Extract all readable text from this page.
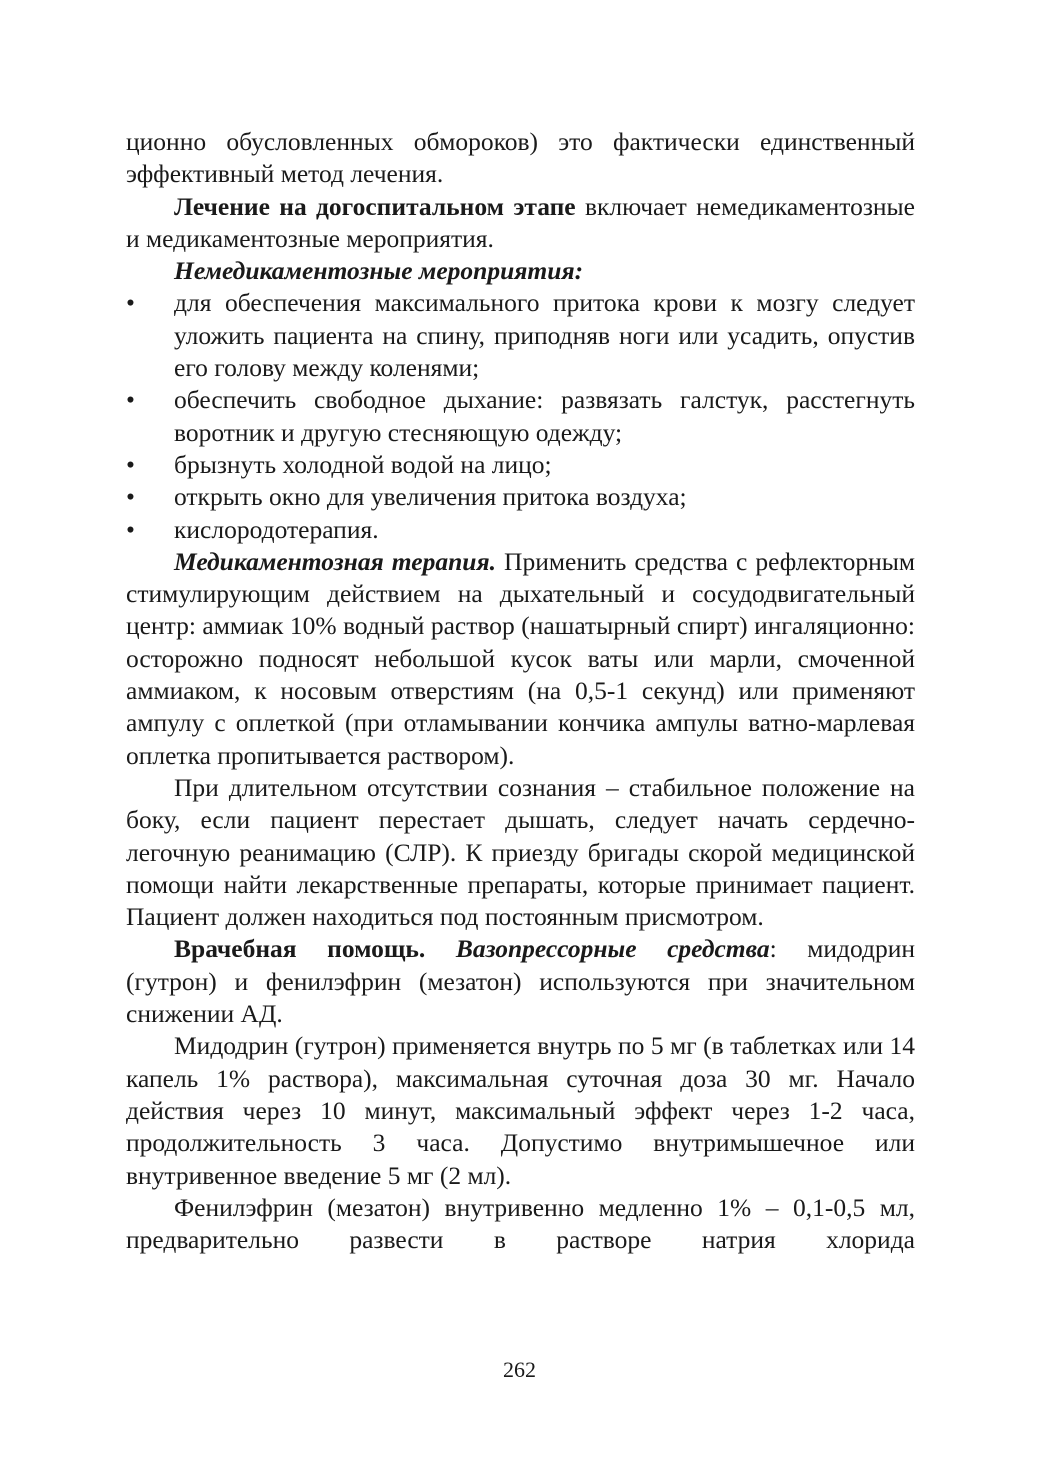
ционно обусловленных обмороков) это фактически единственный эффективный метод лечения.

Лечение на догоспитальном этапе включает немедикаментозные и медикаментозные мероприятия.

Немедикаментозные мероприятия:

• для обеспечения максимального притока крови к мозгу следует уложить пациента на спину, приподняв ноги или усадить, опустив его голову между коленями;
• обеспечить свободное дыхание: развязать галстук, расстегнуть воротник и другую стесняющую одежду;
• брызнуть холодной водой на лицо;
• открыть окно для увеличения притока воздуха;
• кислородотерапия.

Медикаментозная терапия. Применить средства с рефлекторным стимулирующим действием на дыхательный и сосудодвигательный центр: аммиак 10% водный раствор (нашатырный спирт) ингаляционно: осторожно подносят небольшой кусок ваты или марли, смоченной аммиаком, к носовым отверстиям (на 0,5-1 секунд) или применяют ампулу с оплеткой (при отламывании кончика ампулы ватно-марлевая оплетка пропитывается раствором).

При длительном отсутствии сознания – стабильное положение на боку, если пациент перестает дышать, следует начать сердечно-легочную реанимацию (СЛР). К приезду бригады скорой медицинской помощи найти лекарственные препараты, которые принимает пациент. Пациент должен находиться под постоянным присмотром.

Врачебная помощь. Вазопрессорные средства: мидодрин (гутрон) и фенилэфрин (мезатон) используются при значительном снижении АД.

Мидодрин (гутрон) применяется внутрь по 5 мг (в таблетках или 14 капель 1% раствора), максимальная суточная доза 30 мг. Начало действия через 10 минут, максимальный эффект через 1-2 часа, продолжительность 3 часа. Допустимо внутримышечное или внутривенное введение 5 мг (2 мл).

Фенилэфрин (мезатон) внутривенно медленно 1% – 0,1-0,5 мл, предварительно развести в растворе натрия хлорида

262
